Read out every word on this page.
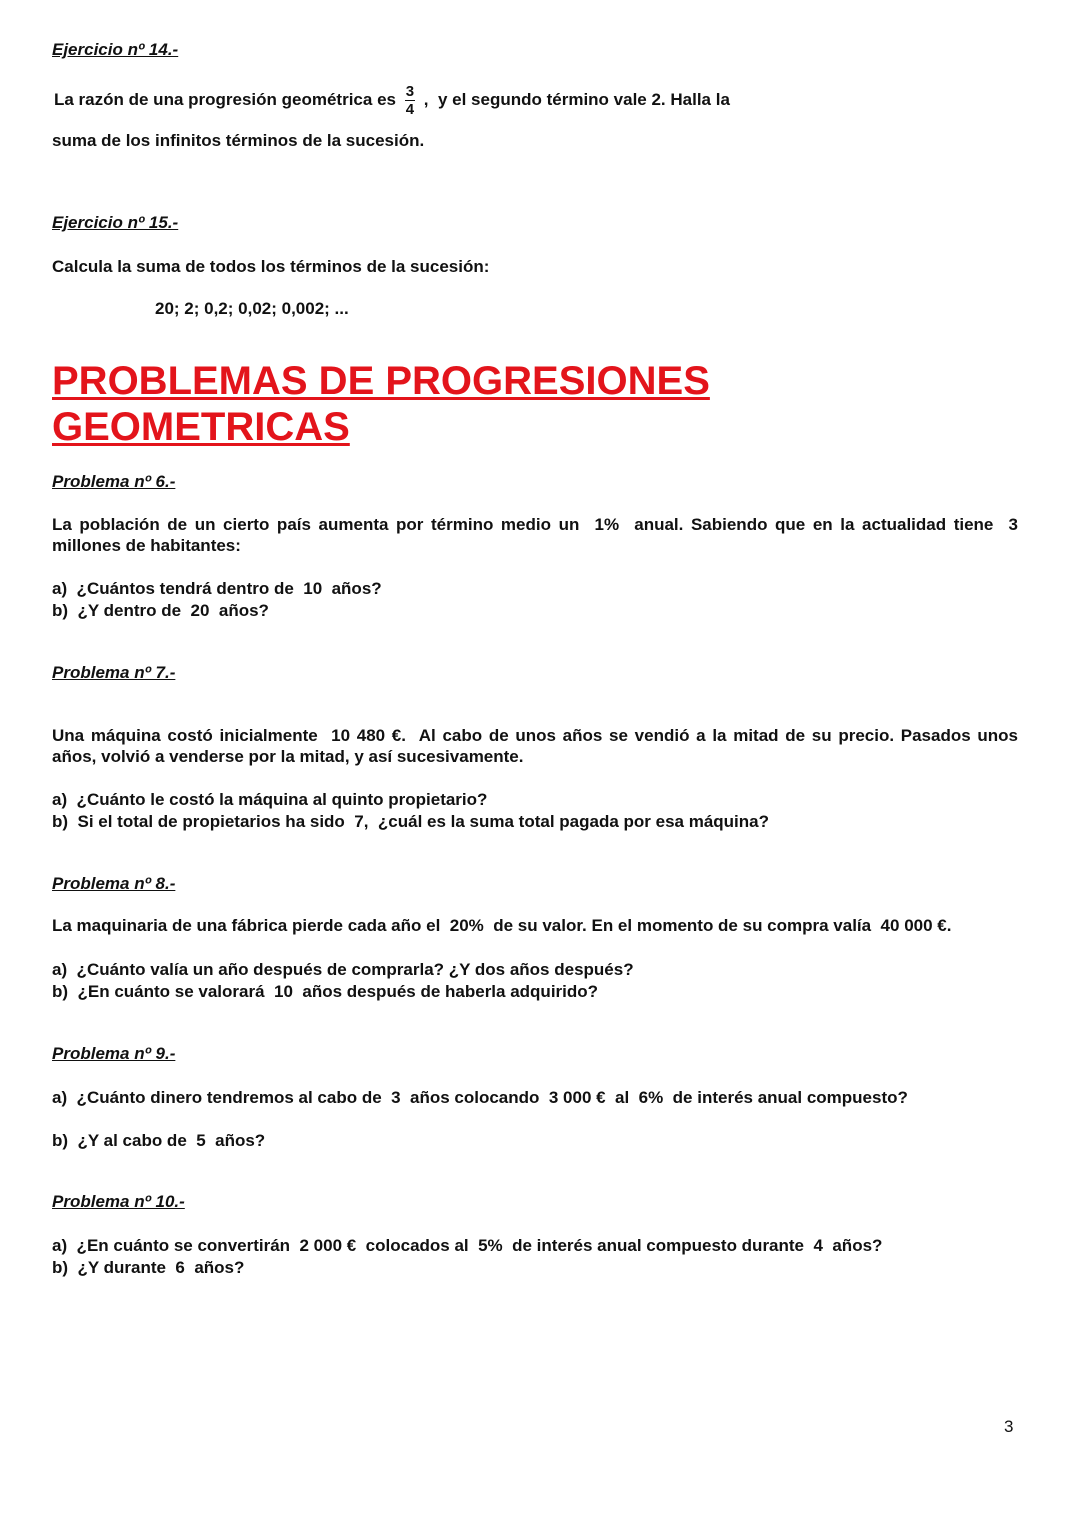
Ejercicio nº 14.-
La razón de una progresión geométrica es $\frac{3}{4}$ ,  y el segundo término vale 2. Halla la
suma de los infinitos términos de la sucesión.
Ejercicio nº 15.-
Calcula la suma de todos los términos de la sucesión:
20; 2; 0,2; 0,02; 0,002; ...
PROBLEMAS DE PROGRESIONES
GEOMETRICAS
Problema nº 6.-
La población de un cierto país aumenta por término medio un  1%  anual. Sabiendo que en la actualidad tiene  3  millones de habitantes:
a)  ¿Cuántos tendrá dentro de  10  años?
b)  ¿Y dentro de  20  años?
Problema nº 7.-
Una máquina costó inicialmente  10 480 €.  Al cabo de unos años se vendió a la mitad de su precio. Pasados unos años, volvió a venderse por la mitad, y así sucesivamente.
a)  ¿Cuánto le costó la máquina al quinto propietario?
b)  Si el total de propietarios ha sido  7,  ¿cuál es la suma total pagada por esa máquina?
Problema nº 8.-
La maquinaria de una fábrica pierde cada año el  20%  de su valor. En el momento de su compra valía  40 000 €.
a)  ¿Cuánto valía un año después de comprarla? ¿Y dos años después?
b)  ¿En cuánto se valorará  10  años después de haberla adquirido?
Problema nº 9.-
a)  ¿Cuánto dinero tendremos al cabo de  3  años colocando  3 000 €  al  6%  de interés anual compuesto?
b)  ¿Y al cabo de  5  años?
Problema nº 10.-
a)  ¿En cuánto se convertirán  2 000 €  colocados al  5%  de interés anual compuesto durante  4  años?
b)  ¿Y durante  6  años?
3
